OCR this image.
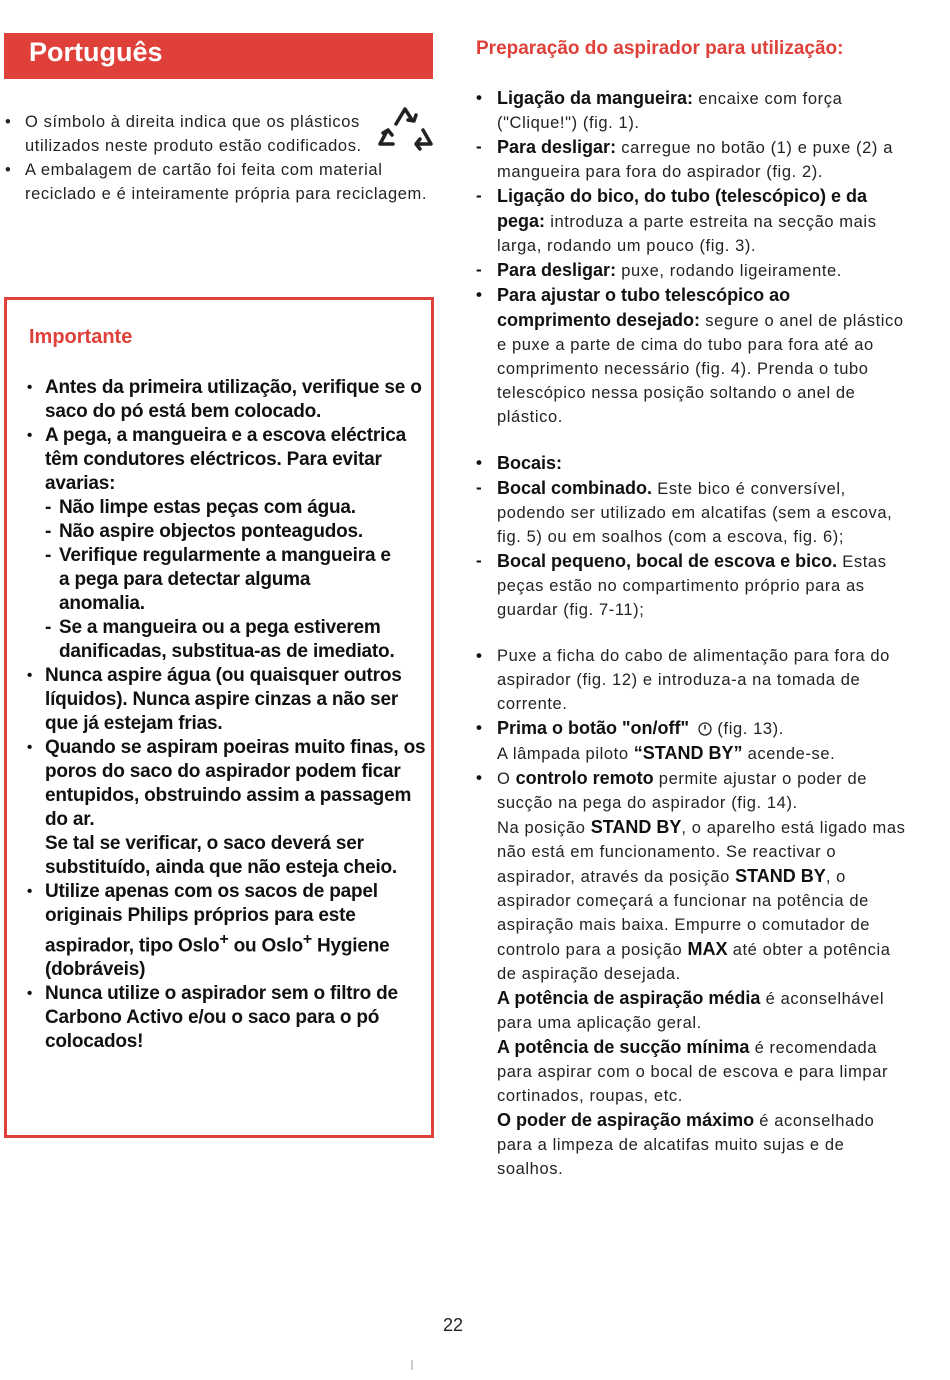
Português
• O símbolo à direita indica que os plásticos utilizados neste produto estão codificados.
• A embalagem de cartão foi feita com material reciclado e é inteiramente própria para reciclagem.
Importante
• Antes da primeira utilização, verifique se o saco do pó está bem colocado.
• A pega, a mangueira e a escova eléctrica têm condutores eléctricos. Para evitar avarias:
- Não limpe estas peças com água.
- Não aspire objectos ponteagudos.
- Verifique regularmente a mangueira e a pega para detectar alguma anomalia.
- Se a mangueira ou a pega estiverem danificadas, substitua-as de imediato.
• Nunca aspire água (ou quaisquer outros líquidos). Nunca aspire cinzas a não ser que já estejam frias.
• Quando se aspiram poeiras muito finas, os poros do saco do aspirador podem ficar entupidos, obstruindo assim a passagem do ar.
Se tal se verificar, o saco deverá ser substituído, ainda que não esteja cheio.
• Utilize apenas com os sacos de papel originais Philips próprios para este aspirador, tipo Oslo+ ou Oslo+ Hygiene (dobráveis)
• Nunca utilize o aspirador sem o filtro de Carbono Activo e/ou o saco para o pó colocados!
Preparação do aspirador para utilização:
• Ligação da mangueira: encaixe com força ("Clique!") (fig. 1).
- Para desligar: carregue no botão (1) e puxe (2) a mangueira para fora do aspirador (fig. 2).
- Ligação do bico, do tubo (telescópico) e da pega: introduza a parte estreita na secção mais larga, rodando um pouco (fig. 3).
- Para desligar: puxe, rodando ligeiramente.
• Para ajustar o tubo telescópico ao comprimento desejado: segure o anel de plástico e puxe a parte de cima do tubo para fora até ao comprimento necessário (fig. 4). Prenda o tubo telescópico nessa posição soltando o anel de plástico.
• Bocais:
- Bocal combinado. Este bico é conversível, podendo ser utilizado em alcatifas (sem a escova, fig. 5) ou em soalhos (com a escova, fig. 6);
- Bocal pequeno, bocal de escova e bico. Estas peças estão no compartimento próprio para as guardar (fig. 7-11);
• Puxe a ficha do cabo de alimentação para fora do aspirador (fig. 12) e introduza-a na tomada de corrente.
• Prima o botão "on/off"  (fig. 13).
A lâmpada piloto “STAND BY” acende-se.
• O controlo remoto permite ajustar o poder de sucção na pega do aspirador (fig. 14).
Na posição STAND BY, o aparelho está ligado mas não está em funcionamento. Se reactivar o aspirador, através da posição STAND BY, o aspirador começará a funcionar na potência de aspiração mais baixa. Empurre o comutador de controlo para a posição MAX até obter a potência de aspiração desejada.
A potência de aspiração média é aconselhável para uma aplicação geral.
A potência de sucção mínima é recomendada para aspirar com o bocal de escova e para limpar cortinados, roupas, etc.
O poder de aspiração máximo é aconselhado para a limpeza de alcatifas muito sujas e de soalhos.
22
